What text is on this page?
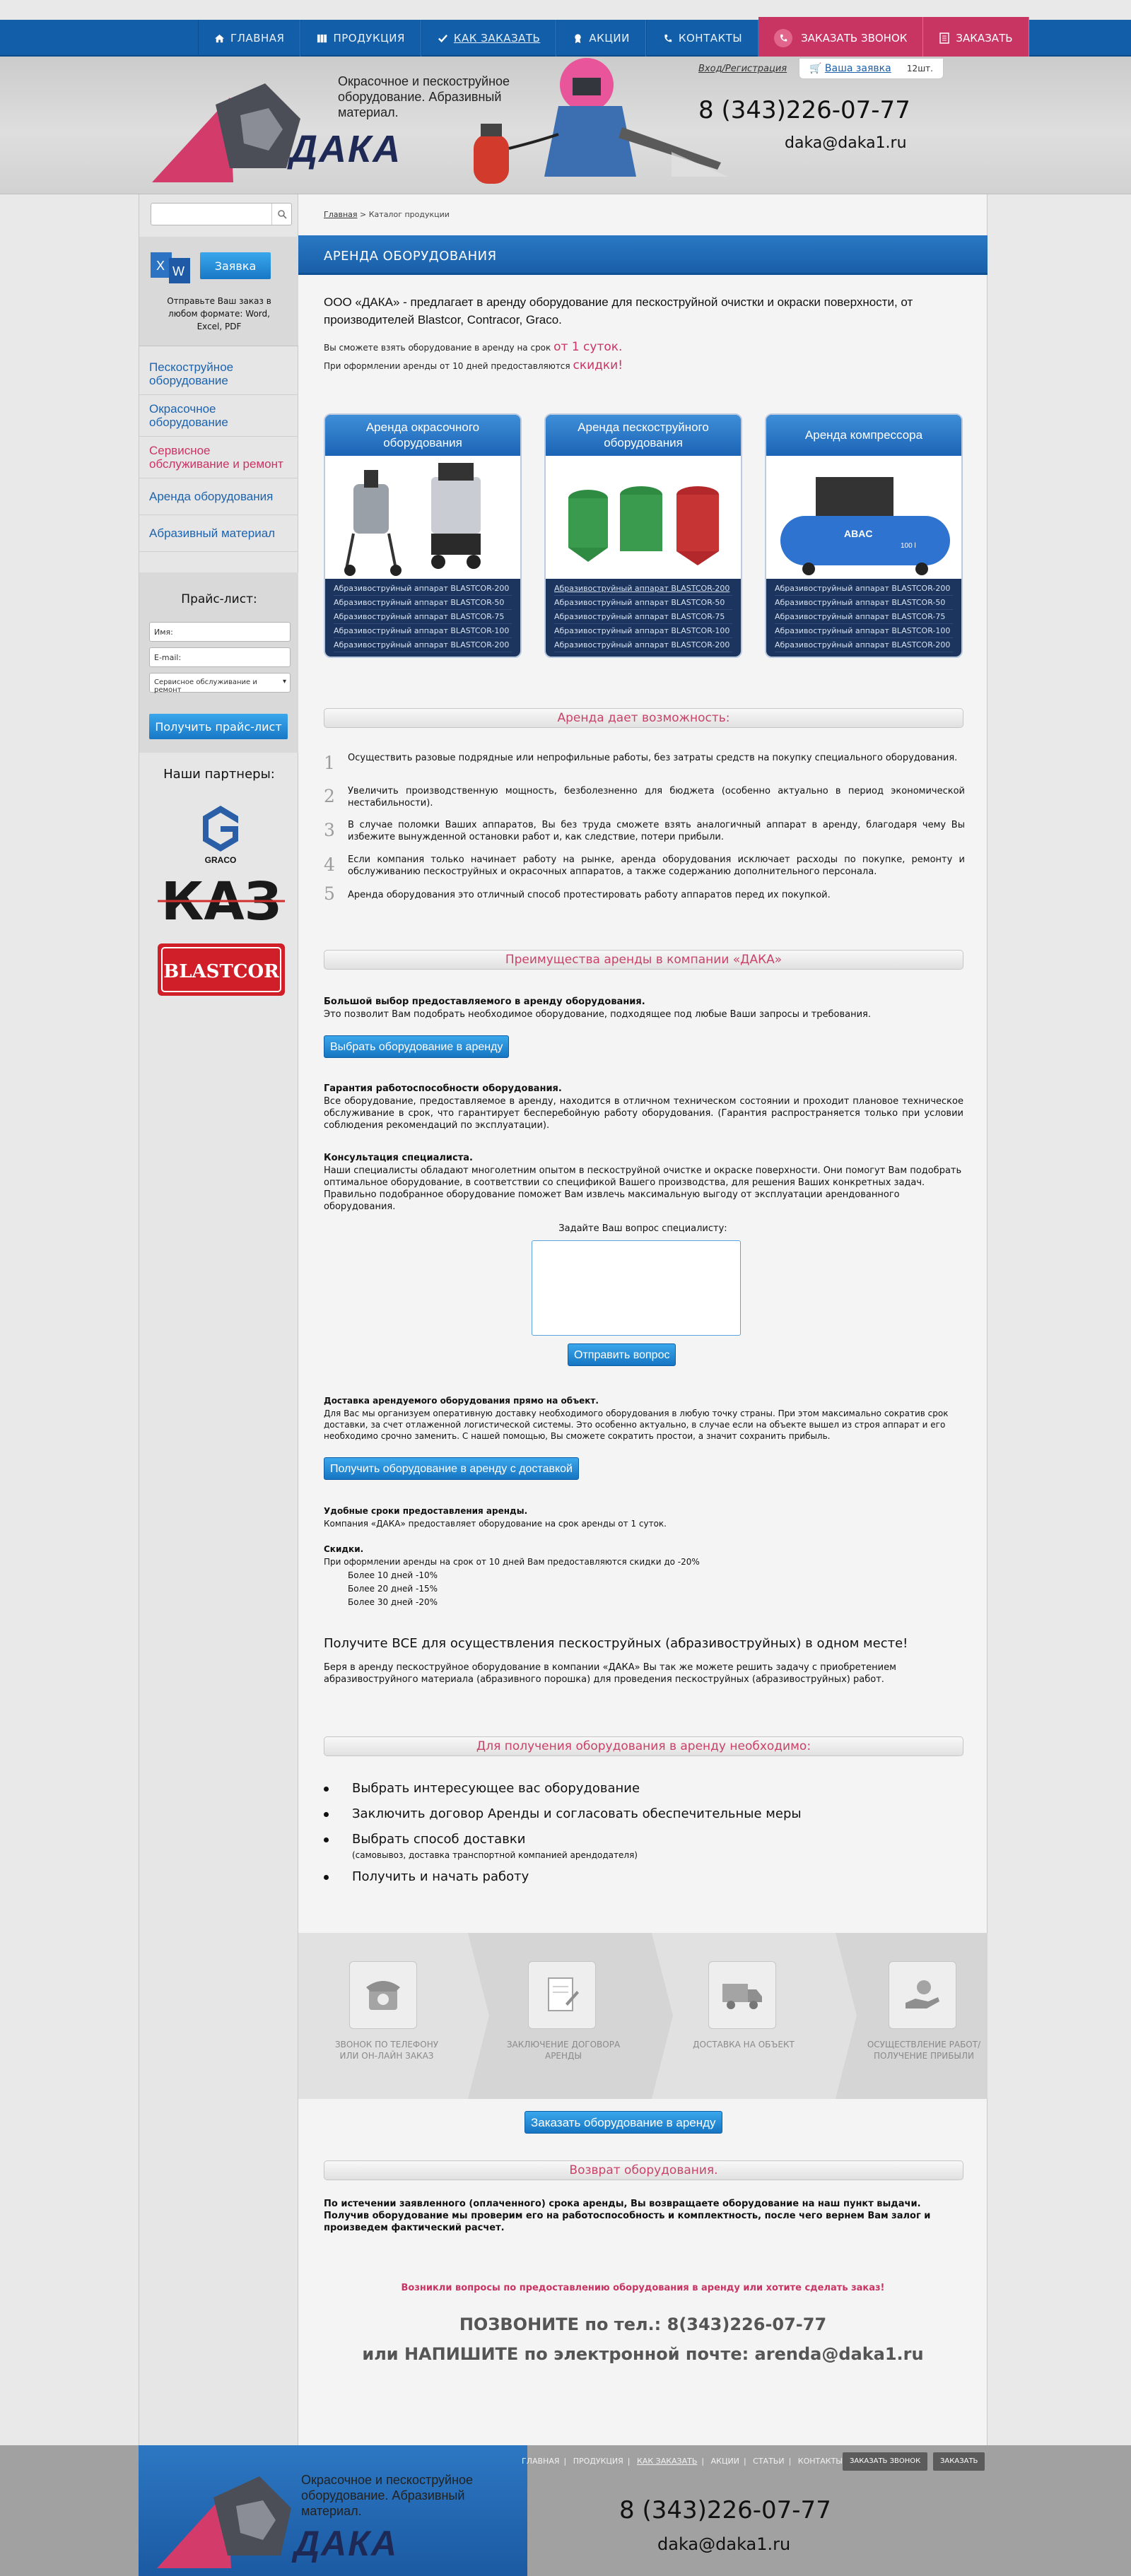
ГЛАВНАЯ	ПРОДУКЦИЯ	КАК ЗАКАЗАТЬ	АКЦИИ	КОНТАКТЫ	ЗАКАЗАТЬ ЗВОНОК	ЗАКАЗАТЬ
ДАКА
Окрасочное и пескоструйное оборудование. Абразивный материал.
Вход/Регистрация	🛒 Ваша заявка 12шт.
8 (343)226-07-77
daka@daka1.ru
X W	Заявка
Отправьте Ваш заказ в любом формате: Word, Excel, PDF
Пескоструйное оборудование
Окрасочное оборудование
Сервисное обслуживание и ремонт
Аренда оборудования
Абразивный материал
Прайс-лист:
Имя:
E-mail:
Сервисное обслуживание и ремонт
▾
Получить прайс-лист
Наши партнеры:
GRACO
КАЗ
BLASTCOR
Главная > Каталог продукции
АРЕНДА ОБОРУДОВАНИЯ
ООО «ДАКА» - предлагает в аренду оборудование для пескоструйной очистки и окраски поверхности, от производителей Blastcor, Contracor, Graco.
Вы сможете взять оборудование в аренду на срок от 1 суток.
При оформлении аренды от 10 дней предоставляются скидки!
Аренда окрасочного оборудования
Абразивоструйный аппарат BLASTCOR-200
Абразивоструйный аппарат BLASTCOR-50
Абразивоструйный аппарат BLASTCOR-75
Абразивоструйный аппарат BLASTCOR-100
Абразивоструйный аппарат BLASTCOR-200
Аренда пескоструйного оборудования
Абразивоструйный аппарат BLASTCOR-200
Абразивоструйный аппарат BLASTCOR-50
Абразивоструйный аппарат BLASTCOR-75
Абразивоструйный аппарат BLASTCOR-100
Абразивоструйный аппарат BLASTCOR-200
Аренда компрессора
ABAC
100 l
Абразивоструйный аппарат BLASTCOR-200
Абразивоструйный аппарат BLASTCOR-50
Абразивоструйный аппарат BLASTCOR-75
Абразивоструйный аппарат BLASTCOR-100
Абразивоструйный аппарат BLASTCOR-200
Аренда дает возможность:
1 Осуществить разовые подрядные или непрофильные работы, без затраты средств на покупку специального оборудования.
2 Увеличить производственную мощность, безболезненно для бюджета (особенно актуально в период экономической нестабильности).
3 В случае поломки Ваших аппаратов, Вы без труда сможете взять аналогичный аппарат в аренду, благодаря чему Вы избежите вынужденной остановки работ и, как следствие, потери прибыли.
4 Если компания только начинает работу на рынке, аренда оборудования исключает расходы по покупке, ремонту и обслуживанию пескоструйных и окрасочных аппаратов, а также содержанию дополнительного персонала.
5 Аренда оборудования это отличный способ протестировать работу аппаратов перед их покупкой.
Преимущества аренды в компании «ДАКА»
Большой выбор предоставляемого в аренду оборудования.
Это позволит Вам подобрать необходимое оборудование, подходящее под любые Ваши запросы и требования.
Выбрать оборудование в аренду
Гарантия работоспособности оборудования.
Все оборудование, предоставляемое в аренду, находится в отличном техническом состоянии и проходит плановое техническое обслуживание в срок, что гарантирует бесперебойную работу оборудования. (Гарантия распространяется только при условии соблюдения рекомендаций по эксплуатации).
Консультация специалиста.
Наши специалисты обладают многолетним опытом в пескоструйной очистке и окраске поверхности. Они помогут Вам подобрать оптимальное оборудование, в соответствии со спецификой Вашего производства, для решения Ваших конкретных задач. Правильно подобранное оборудование поможет Вам извлечь максимальную выгоду от эксплуатации арендованного оборудования.
Задайте Ваш вопрос специалисту:
Отправить вопрос
Доставка арендуемого оборудования прямо на объект.
Для Вас мы организуем оперативную доставку необходимого оборудования в любую точку страны. При этом максимально сократив срок доставки, за счет отлаженной логистической системы. Это особенно актуально, в случае если на объекте вышел из строя аппарат и его необходимо срочно заменить. С нашей помощью, Вы сможете сократить простои, а значит сохранить прибыль.
Получить оборудование в аренду с доставкой
Удобные сроки предоставления аренды.
Компания «ДАКА» предоставляет оборудование на срок аренды от 1 суток.
Скидки.
При оформлении аренды на срок от 10 дней Вам предоставляются скидки до -20%
Более 10 дней -10%
Более 20 дней -15%
Более 30 дней -20%
Получите ВСЕ для осуществления пескоструйных (абразивоструйных) в одном месте!
Беря в аренду пескоструйное оборудование в компании «ДАКА» Вы так же можете решить задачу с приобретением абразивоструйного материала (абразивного порошка) для проведения пескоструйных (абразивоструйных) работ.
Для получения оборудования в аренду необходимо:
Выбрать интересующее вас оборудование
Заключить договор Аренды и согласовать обеспечительные меры
Выбрать способ доставки
(самовывоз, доставка транспортной компанией арендодателя)
Получить и начать работу
ЗВОНОК ПО ТЕЛЕФОНУ ИЛИ ОН-ЛАЙН ЗАКАЗ
ЗАКЛЮЧЕНИЕ ДОГОВОРА АРЕНДЫ
ДОСТАВКА НА ОБЪЕКТ	ОСУЩЕСТВЛЕНИЕ РАБОТ/ ПОЛУЧЕНИЕ ПРИБЫЛИ
Заказать оборудование в аренду
Возврат оборудования.
По истечении заявленного (оплаченного) срока аренды, Вы возвращаете оборудование на наш пункт выдачи. Получив оборудование мы проверим его на работоспособность и комплектность, после чего вернем Вам залог и произведем фактический расчет.
Возникли вопросы по предоставлению оборудования в аренду или хотите сделать заказ!
ПОЗВОНИТЕ по тел.: 8(343)226-07-77
или НАПИШИТЕ по электронной почте: arenda@daka1.ru
ДАКА
Окрасочное и пескоструйное оборудование. Абразивный материал.
ГЛАВНАЯ | ПРОДУКЦИЯ | КАК ЗАКАЗАТЬ | АКЦИИ | СТАТЬИ | КОНТАКТЫ	ЗАКАЗАТЬ ЗВОНОК	ЗАКАЗАТЬ
8 (343)226-07-77
daka@daka1.ru
